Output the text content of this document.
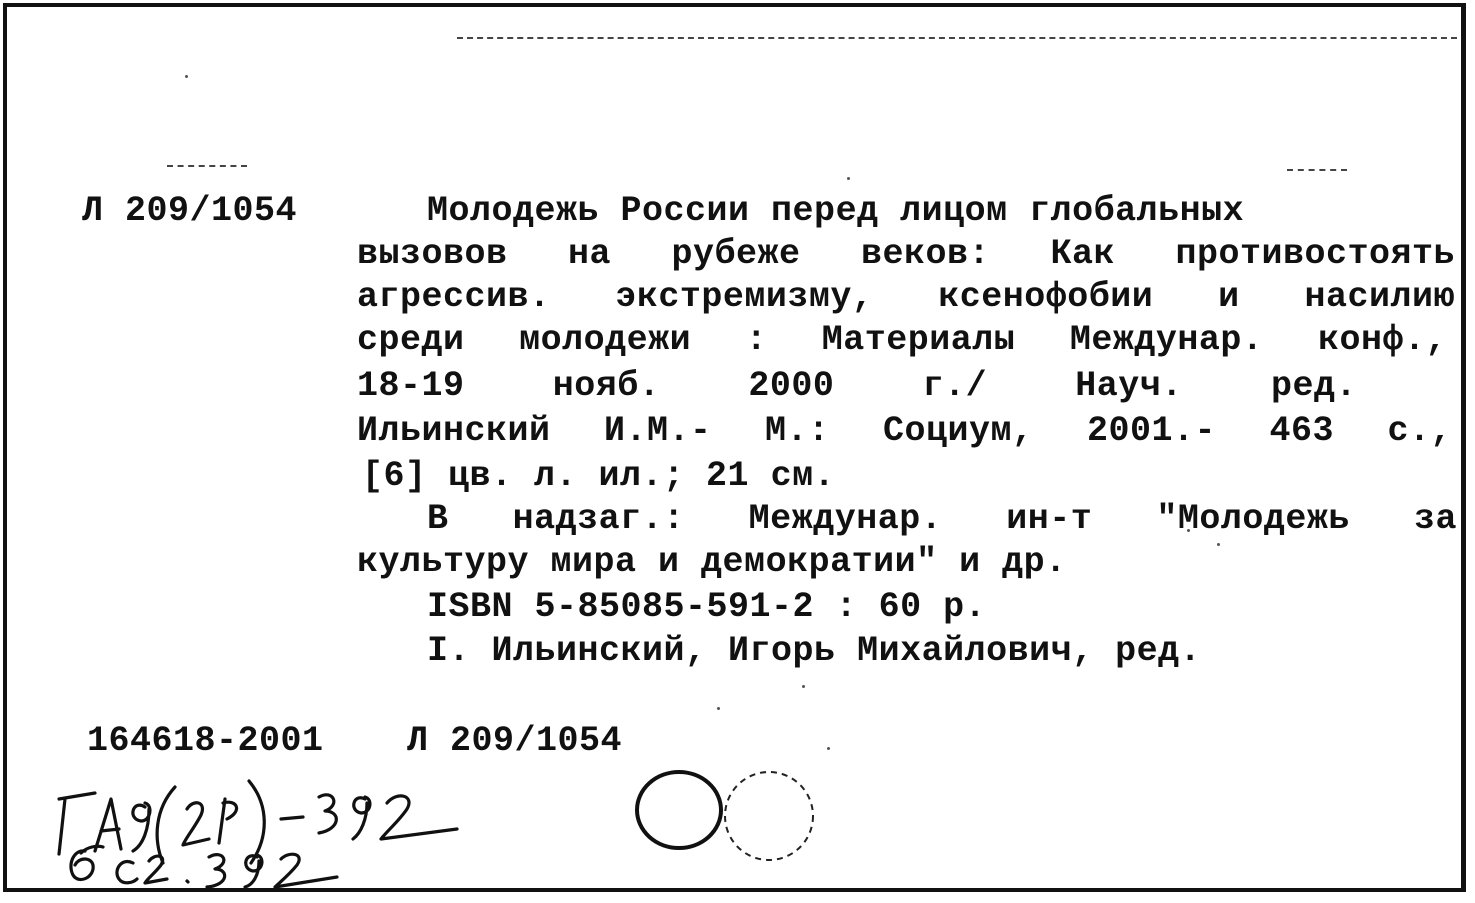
Л 209/1054	Молодежь России перед лицом глобальных
вызовов на рубеже веков: Как противостоять
агрессив. экстремизму, ксенофобии и насилию
среди молодежи : Материалы Междунар. конф.,
18-19 нояб. 2000 г./ Науч. ред.
Ильинский И.М.- М.: Социум, 2001.- 463 с.,
[6] цв. л. ил.; 21 см.
В надзаг.: Междунар. ин-т "Молодежь за
культуру мира и демократии" и др.
ISBN 5-85085-591-2 : 60 р.
I. Ильинский, Игорь Михайлович, ред.
164618-2001 Л 209/1054
